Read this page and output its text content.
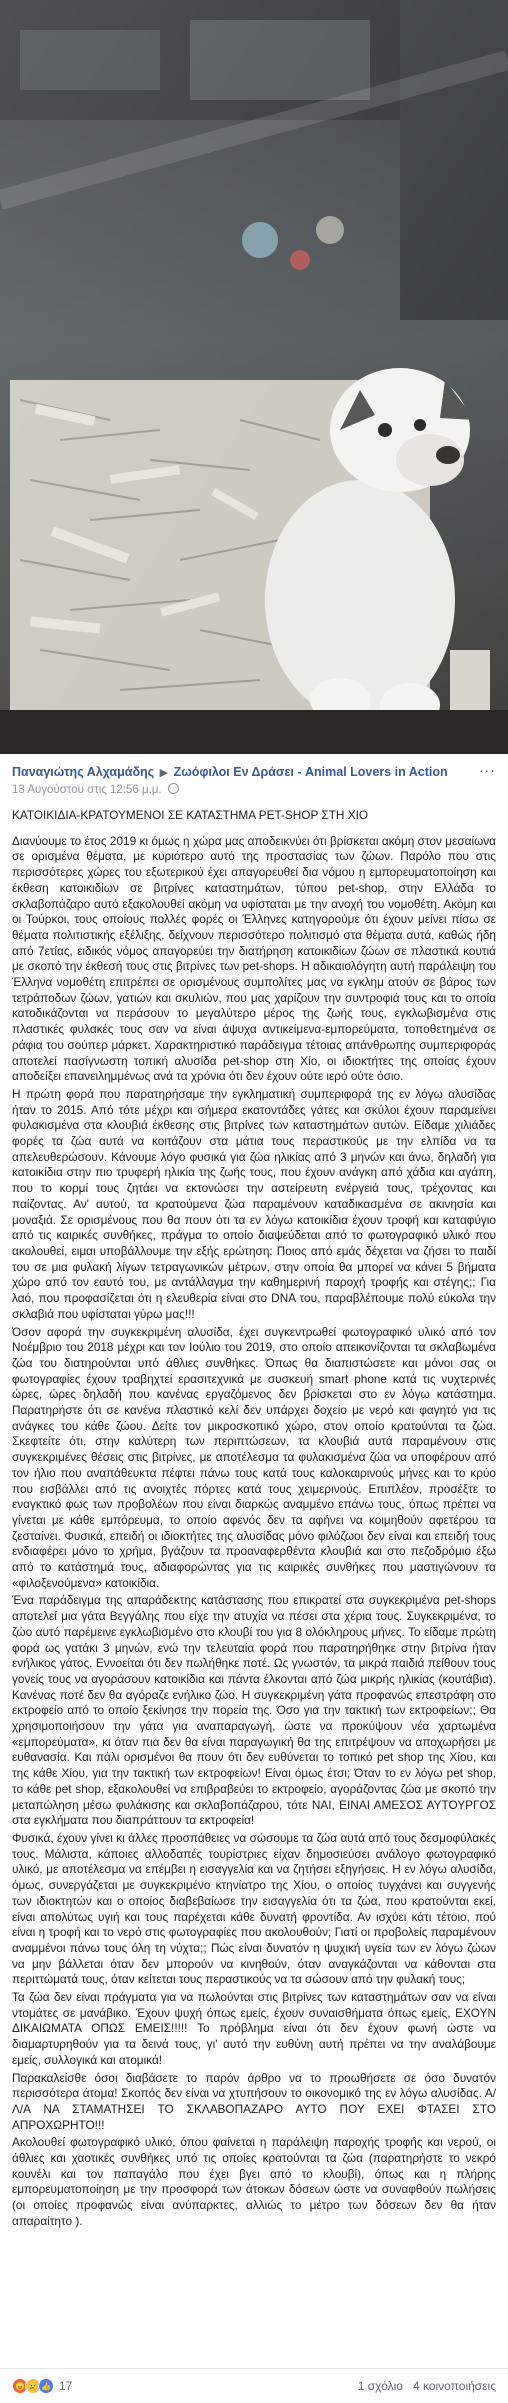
Παναγιώτης Αλχαμάδης ▶ Ζωόφιλοι Εν Δράσει - Animal Lovers in Action
13 Αυγούστου στις 12:56 μ.μ.
···

ΚΑΤΟΙΚΙΔΙΑ-ΚΡΑΤΟΥΜΕΝΟΙ ΣΕ ΚΑΤΑΣΤΗΜΑ PET-SHOP ΣΤΗ ΧΙΟ

Διανύουμε το έτος 2019 κι όμως η χώρα μας αποδεικνύει ότι βρίσκεται ακόμη στον μεσαίωνα σε ορισμένα θέματα, με κυριότερο αυτό της προστασίας των ζώων. Παρόλο που στις περισσότερες χώρες του εξωτερικού έχει απαγορευθεί δια νόμου η εμπορευματοποίηση και έκθεση κατοικιδίων σε βιτρίνες καταστημάτων, τύπου pet-shop, στην Ελλάδα το σκλαβοπάζαρο αυτό εξακολουθεί ακόμη να υφίσταται με την ανοχή του νομοθέτη. Ακόμη και οι Τούρκοι, τους οποίους πολλές φορές οι Έλληνες κατηγορούμε ότι έχουν μείνει πίσω σε θέματα πολιτιστικής εξέλιξης, δείχνουν περισσότερο πολιτισμό στα θέματα αυτά, καθώς ήδη από 7ετίας, ειδικός νόμος απαγορεύει την διατήρηση κατοικιδίων ζώων σε πλαστικά κουτιά με σκοπό την έκθεσή τους στις βιτρίνες των pet-shops. Η αδικαιολόγητη αυτή παράλειψη του Έλληνα νομοθέτη επιτρέπει σε ορισμένους συμπολίτες μας να εγκλημ ατούν σε βάρος των τετράποδων ζώων, γατιών και σκυλιών, που μας χαρίζουν την συντροφιά τους και το οποία κατοδικάζονται να περάσουν το μεγαλύτερο μέρος της ζωής τους, εγκλωβισμένα στις πλαστικές φυλακές τους σαν να είναι άψυχα αντικείμενα-εμπορεύματα, τοποθετημένα σε ράφια του σούπερ μάρκετ. Χαρακτηριστικό παράδειγμα τέτοιας απάνθρωπης συμπεριφοράς αποτελεί πασίγνωστη τοπική αλυσίδα pet-shop στη Χίο, οι ιδιοκτήτες της οποίας έχουν αποδείξει επανειλημμένως ανά τα χρόνια ότι δεν έχουν ούτε ιερό ούτε όσιο.

Η πρώτη φορά που παρατηρήσαμε την εγκληματική συμπεριφορά της εν λόγω αλυσίδας ήταν το 2015. Από τότε μέχρι και σήμερα εκατοντάδες γάτες και σκύλοι έχουν παραμείνει φυλακισμένα στα κλουβιά έκθεσης στις βιτρίνες των καταστημάτων αυτών. Είδαμε χιλιάδες φορές τα ζώα αυτά να κοιτάζουν στα μάτια τους περαστικούς με την ελπίδα να τα απελευθερώσουν. Κάνουμε λόγο φυσικά για ζώα ηλικίας από 3 μηνών και άνω, δηλαδή για κατοικίδια στην πιο τρυφερή ηλικία της ζωής τους, που έχουν ανάγκη από χάδια και αγάπη, που το κορμί τους ζητάει να εκτονώσει την αστείρευτη ενέργειά τους, τρέχοντας και παίζοντας. Αν' αυτού, τα κρατούμενα ζώα παραμένουν καταδικασμένα σε ακινησία και μοναξιά. Σε ορισμένους που θα πουν ότι τα εν λόγω κατοικίδια έχουν τροφή και καταφύγιο από τις καιρικές συνθήκες, πράγμα το οποίο διαψεύδεται από το φωτογραφικό υλικό που ακολουθεί, ειμαι υποβάλλουμε την εξής ερώτηση: Ποιος από εμάς δέχεται να ζήσει το παιδί του σε μια φυλακή λίγων τετραγωνικών μέτρων, στην οποία θα μπορεί να κάνει 5 βήματα χώρο από τον εαυτό του, με αντάλλαγμα την καθημερινή παροχή τροφής και στέγης;; Για λαό, που προφασίζεται ότι η ελευθερία είναι στο DNA του, παραβλέπουμε πολύ εύκολα την σκλαβιά που υφίσταται γύρω μας!!!

Όσον αφορά την συγκεκριμένη αλυσίδα, έχει συγκεντρωθεί φωτογραφικό υλικό από τον Νοέμβριο του 2018 μέχρι και τον Ιούλιο του 2019, στο οποίο απεικονίζονται τα σκλαβωμένα ζώα του διατηρούνται υπό άθλιες συνθήκες. Όπως θα διαπιστώσετε και μόνοι σας οι φωτογραφίες έχουν τραβηχτεί ερασιτεχνικά με συσκευή smart phone κατά τις νυχτερινές ώρες, ώρες δηλαδή που κανένας εργαζόμενος δεν βρίσκεται στο εν λόγω κατάστημα. Παρατηρήστε ότι σε κανένα πλαστικό κελί δεν υπάρχει δοχείο με νερό και φαγητό για τις ανάγκες του κάθε ζώου. Δείτε τον μικροσκοπικό χώρο, στον οποίο κρατούνται τα ζώα. Σκεφτείτε ότι, στην καλύτερη των περιπτώσεων, τα κλουβιά αυτά παραμένουν στις συγκεκριμένες θέσεις στις βιτρίνες, με αποτέλεσμα τα φυλακισμένα ζώα να υποφέρουν από τον ήλιο που αναπάθευκτα πέφτει πάνω τους κατά τους καλοκαιρινούς μήνες και το κρύο που εισβάλλει από τις ανοιχτές πόρτες κατά τους χειμερινούς. Επιπλέον, προσέξτε το εναγκτικό φως των προβολέων που είναι διαρκώς αναμμένο επάνω τους, όπως πρέπει να γίνεται με κάθε εμπόρευμα, το οποίο αφενός δεν τα αφήνει να κοιμηθούν αφετέρου τα ζεσταίνει. Φυσικά, επειδή οι ιδιοκτήτες της αλυσίδας μόνο φιλόζωοι δεν είναι και επειδή τους ενδιαφέρει μόνο το χρήμα, βγάζουν τα προαναφερθέντα κλουβιά και στο πεζοδρόμιο έξω από το κατάστημά τους, αδιαφορώντας για τις καιρικές συνθήκες που μαστιγώνουν τα «φιλοξενούμενα» κατοικίδια.

Ένα παράδειγμα της απαράδεκτης κατάστασης που επικρατεί στα συγκεκριμένα pet-shops αποτελεί μια γάτα Βεγγάλης που είχε την ατυχία να πέσει στα χέρια τους. Συγκεκριμένα, το ζώο αυτό παρέμεινε εγκλωβισμένο στο κλουβί του για 8 ολόκληρους μήνες. Το είδαμε πρώτη φορά ως γατάκι 3 μηνών, ενώ την τελευταία φορά που παρατηρήθηκε στην βιτρίνα ήταν ενήλικος γάτος. Εννοείται ότι δεν πωλήθηκε ποτέ. Ως γνωστόν, τα μικρά παιδιά πείθουν τους γονείς τους να αγοράσουν κατοικίδια και πάντα έλκονται από ζώα μικρής ηλικίας (κουτάβια). Κανένας ποτέ δεν θα αγόραζε ενήλικο ζώο. Η συγκεκριμένη γάτα προφανώς επεστράφη στο εκτροφείο από το οποίο ξεκίνησε την πορεία της. Όσο για την τακτική των εκτροφείων;; Θα χρησιμοποιήσουν την γάτα για αναπαραγωγή, ώστε να προκύψουν νέα χαρτωμένα «εμπορεύματα», κι όταν πια δεν θα είναι παραγωγική θα της επιτρέψουν να αποχωρήσει με ευθανασία. Και πάλι ορισμένοι θα πουν ότι δεν ευθύνεται το τοπικό pet shop της Χίου, και της κάθε Χίου, για την τακτική των εκτροφείων! Είναι όμως έτσι; Όταν το εν λόγω pet shop, το κάθε pet shop, εξακολουθεί να επιβραβεύει το εκτροφείο, αγοράζοντας ζώα με σκοπό την μεταπώληση μέσω φυλάκισης και σκλαβοπάζαρου, τότε ΝΑΙ, ΕΙΝΑΙ ΑΜΕΣΟΣ ΑΥΤΟΥΡΓΟΣ στα εγκλήματα που διαπράττουν τα εκτροφεία!

Φυσικά, έχουν γίνει κι άλλες προσπάθειες να σώσουμε τα ζώα αυτά από τους δεσμοφύλακές τους. Μάλιστα, κάποιες αλλοδαπές τουρίστριες είχαν δημοσιεύσει ανάλογο φωτογραφικό υλικό, με αποτέλεσμα να επέμβει η εισαγγελία και να ζητήσει εξηγήσεις. Η εν λόγω αλυσίδα, όμως, συνεργάζεται με συγκεκριμένο κτηνίατρο της Χίου, ο οποίος τυγχάνει και συγγενής των ιδιοκτητών και ο οποίος διαβεβαίωσε την εισαγγελία ότι τα ζώα, που κρατούνται εκεί, είναι απολύτως υγιή και τους παρέχεται κάθε δυνατή φροντίδα. Αν ισχύει κάτι τέτοιο, πού είναι η τροφή και το νερό στις φωτογραφίες που ακολουθούν; Γιατί οι προβολείς παραμένουν αναμμένοι πάνω τους όλη τη νύχτα;; Πώς είναι δυνατόν η ψυχική υγεία των εν λόγω ζώων να μην βάλλεται όταν δεν μπορούν να κινηθούν, όταν αναγκάζονται να κάθονται στα περιττώματά τους, όταν κείτεται τους περαστικούς να τα σώσουν από την φυλακή τους;

Τα ζώα δεν είναι πράγματα για να πωλούνται στις βιτρίνες των καταστημάτων σαν να είναι ντομάτες σε μανάβικο. Έχουν ψυχή όπως εμείς, έχουν συναισθήματα όπως εμείς, ΕΧΟΥΝ ΔΙΚΑΙΩΜΑΤΑ ΟΠΩΣ ΕΜΕΙΣ!!!!! Το πρόβλημα είναι ότι δεν έχουν φωνή ώστε να διαμαρτυρηθούν για τα δεινά τους, γι' αυτό την ευθύνη αυτή πρέπει να την αναλάβουμε εμείς, συλλογικά και ατομικά!

Παρακαλείσθε όσοι διαβάσετε το παρόν άρθρο να το προωθήσετε σε όσο δυνατόν περισσότερα άτομα! Σκοπός δεν είναι να χτυπήσουν το οικονομικό της εν λόγω αλυσίδας. Α/Λ/Α ΝΑ ΣΤΑΜΑΤΗΣΕΙ ΤΟ ΣΚΛΑΒΟΠΑΖΑΡΟ ΑΥΤΟ ΠΟΥ ΕΧΕΙ ΦΤΑΣΕΙ ΣΤΟ ΑΠΡΟΧΩΡΗΤΟ!!!

Ακολουθεί φωτογραφικό υλικό, όπου φαίνεται η παράλειψη παροχής τροφής και νερού, οι άθλιες και χαοτικές συνθήκες υπό τις οποίες κρατούνται τα ζώα (παρατηρήστε το νεκρό κουνέλι και τον παπαγάλο που έχει βγει από το κλουβί), όπως και η πλήρης εμπορευματοποίηση με την προσφορά των άτοκων δόσεων ώστε να συναφθούν πωλήσεις (οι οποίες προφανώς είναι ανύπαρκτες, αλλιώς το μέτρο των δόσεων δεν θα ήταν απαραίτητο ).

😠 😢 👍 17	1 σχόλιο 4 κοινοποιήσεις
